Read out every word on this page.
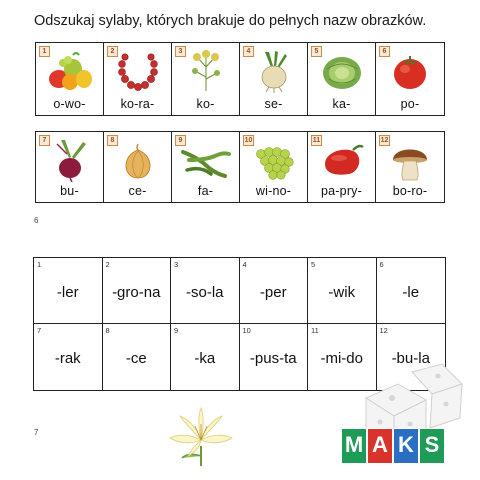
Odszukaj sylaby, których brakuje do pełnych nazw obrazków.
1
o-wo-
2
ko-ra-
3
ko-
4
se-
5
ka-
6
po-
7
bu-
8
ce-
9
fa-
10
wi-no-
11
pa-pry-
12
bo-ro-
6
1
-ler
2
-gro-na
3
-so-la
4
-per
5
-wik
6
-le
7
-rak
8
-ce
9
-ka
10
-pus-ta
11
-mi-do
12
-bu-la
M A K S
7
